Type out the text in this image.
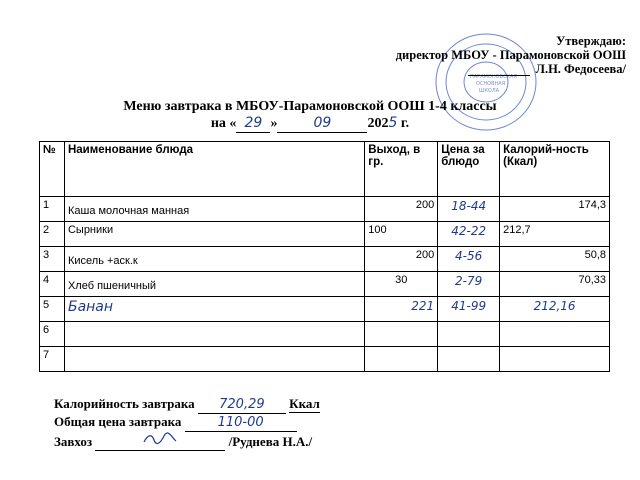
ПАРАМОНОВСКАЯ
ОСНОВНАЯ
ШКОЛА
Утверждаю:
директор МБОУ - Парамоновской ООШ
Л.Н. Федосеева/
Меню завтрака в МБОУ-Парамоновской ООШ 1-4 классы
на « 29 »	09	2025 г.
№	Наименование блюда	Выход, в гр.	Цена за блюдо	Калорий-ность (Ккал)
1	Каша молочная манная	200	18-44	174,3
2	Сырники	100	42-22	212,7
3	Кисель +аск.к	200	4-56	50,8
4	Хлеб пшеничный	30	2-79	70,33
5	Банан	221	41-99	212,16
6				
7				
Калорийность завтрака 720,29 Ккал
Общая цена завтрака	110-00
Завхоз	/Руднева Н.А./
